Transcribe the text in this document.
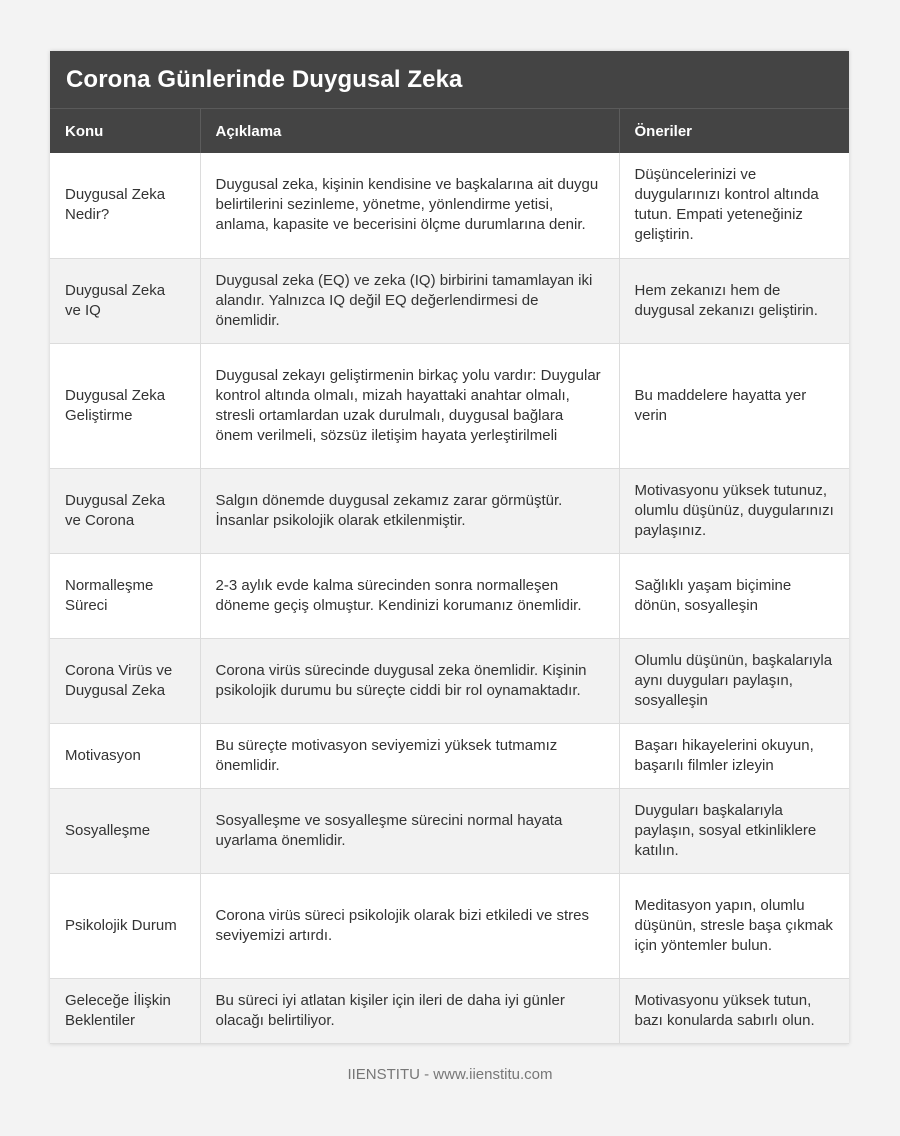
Corona Günlerinde Duygusal Zeka
Konu	Açıklama	Öneriler
Duygusal Zeka Nedir?	Duygusal zeka, kişinin kendisine ve başkalarına ait duygu belirtilerini sezinleme, yönetme, yönlendirme yetisi, anlama, kapasite ve becerisini ölçme durumlarına denir.	Düşüncelerinizi ve duygularınızı kontrol altında tutun. Empati yeteneğiniz geliştirin.
Duygusal Zeka ve IQ	Duygusal zeka (EQ) ve zeka (IQ) birbirini tamamlayan iki alandır. Yalnızca IQ değil EQ değerlendirmesi de önemlidir.	Hem zekanızı hem de duygusal zekanızı geliştirin.
Duygusal Zeka Geliştirme	Duygusal zekayı geliştirmenin birkaç yolu vardır: Duygular kontrol altında olmalı, mizah hayattaki anahtar olmalı, stresli ortamlardan uzak durulmalı, duygusal bağlara önem verilmeli, sözsüz iletişim hayata yerleştirilmeli	Bu maddelere hayatta yer verin
Duygusal Zeka ve Corona	Salgın dönemde duygusal zekamız zarar görmüştür. İnsanlar psikolojik olarak etkilenmiştir.	Motivasyonu yüksek tutunuz, olumlu düşünüz, duygularınızı paylaşınız.
Normalleşme Süreci	2-3 aylık evde kalma sürecinden sonra normalleşen döneme geçiş olmuştur. Kendinizi korumanız önemlidir.	Sağlıklı yaşam biçimine dönün, sosyalleşin
Corona Virüs ve Duygusal Zeka	Corona virüs sürecinde duygusal zeka önemlidir. Kişinin psikolojik durumu bu süreçte ciddi bir rol oynamaktadır.	Olumlu düşünün, başkalarıyla aynı duyguları paylaşın, sosyalleşin
Motivasyon	Bu süreçte motivasyon seviyemizi yüksek tutmamız önemlidir.	Başarı hikayelerini okuyun, başarılı filmler izleyin
Sosyalleşme	Sosyalleşme ve sosyalleşme sürecini normal hayata uyarlama önemlidir.	Duyguları başkalarıyla paylaşın, sosyal etkinliklere katılın.
Psikolojik Durum	Corona virüs süreci psikolojik olarak bizi etkiledi ve stres seviyemizi artırdı.	Meditasyon yapın, olumlu düşünün, stresle başa çıkmak için yöntemler bulun.
Geleceğe İlişkin Beklentiler	Bu süreci iyi atlatan kişiler için ileri de daha iyi günler olacağı belirtiliyor.	Motivasyonu yüksek tutun, bazı konularda sabırlı olun.
IIENSTITU - www.iienstitu.com
